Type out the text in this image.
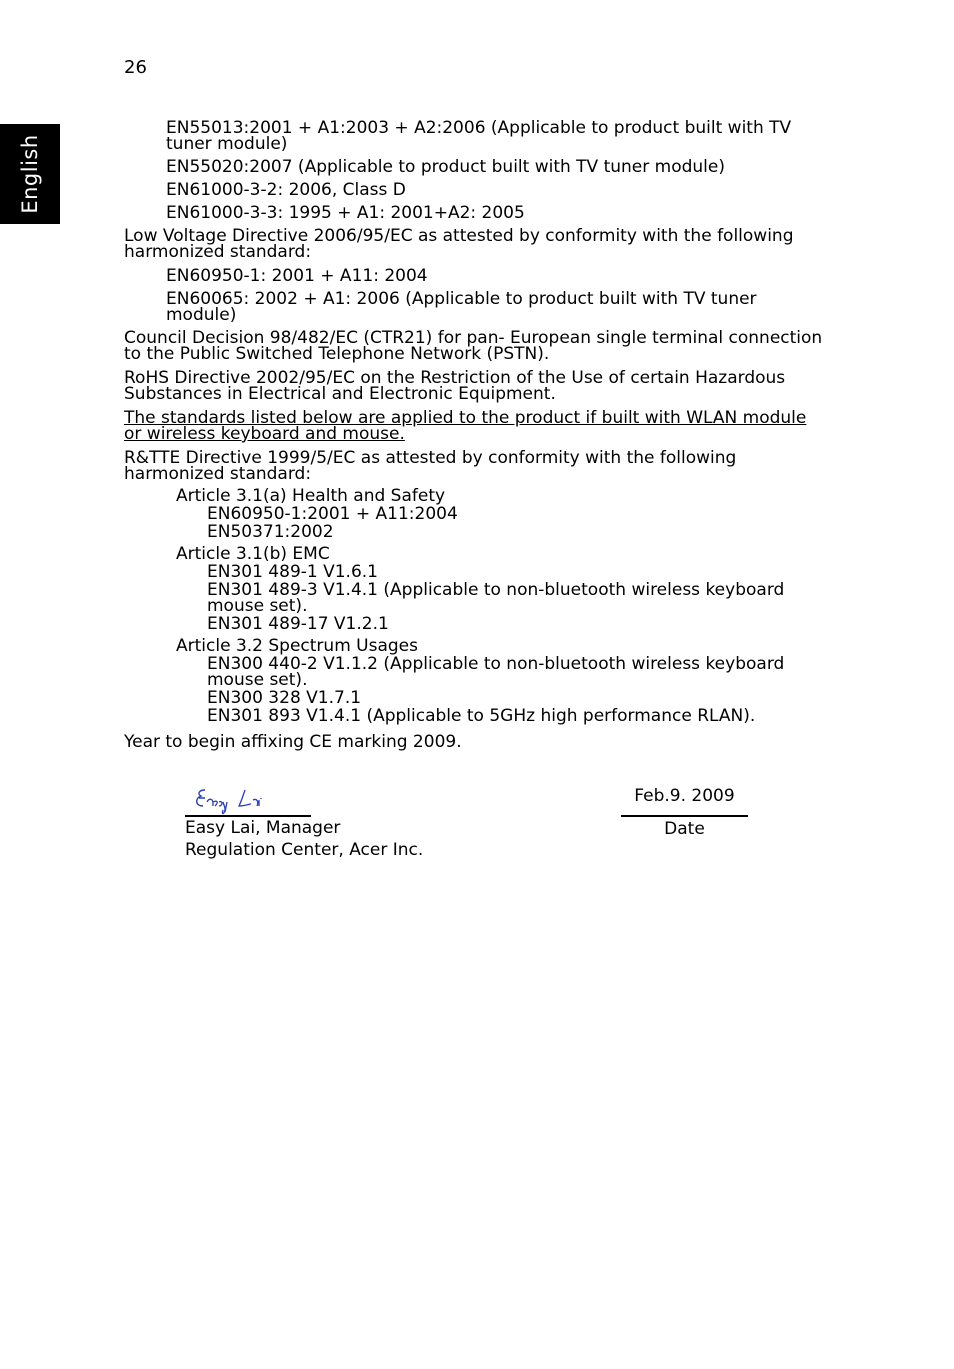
26
English
EN55013:2001 + A1:2003 + A2:2006 (Applicable to product built with TV tuner module)
EN55020:2007 (Applicable to product built with TV tuner module)
EN61000-3-2: 2006, Class D
EN61000-3-3: 1995 + A1: 2001+A2: 2005
Low Voltage Directive 2006/95/EC as attested by conformity with the following harmonized standard:
EN60950-1: 2001 + A11: 2004
EN60065: 2002 + A1: 2006 (Applicable to product built with TV tuner module)
Council Decision 98/482/EC (CTR21) for pan- European single terminal connection to the Public Switched Telephone Network (PSTN).
RoHS Directive 2002/95/EC on the Restriction of the Use of certain Hazardous Substances in Electrical and Electronic Equipment.
The standards listed below are applied to the product if built with WLAN module or wireless keyboard and mouse.
R&TTE Directive 1999/5/EC as attested by conformity with the following harmonized standard:
Article 3.1(a) Health and Safety
EN60950-1:2001 + A11:2004
EN50371:2002
Article 3.1(b) EMC
EN301 489-1 V1.6.1
EN301 489-3 V1.4.1 (Applicable to non-bluetooth wireless keyboard mouse set).
EN301 489-17 V1.2.1
Article 3.2 Spectrum Usages
EN300 440-2 V1.1.2 (Applicable to non-bluetooth wireless keyboard mouse set).
EN300 328 V1.7.1
EN301 893 V1.4.1 (Applicable to 5GHz high performance RLAN).
Year to begin affixing CE marking 2009.
Easy Lai, Manager
Regulation Center, Acer Inc.
Feb.9. 2009
Date
